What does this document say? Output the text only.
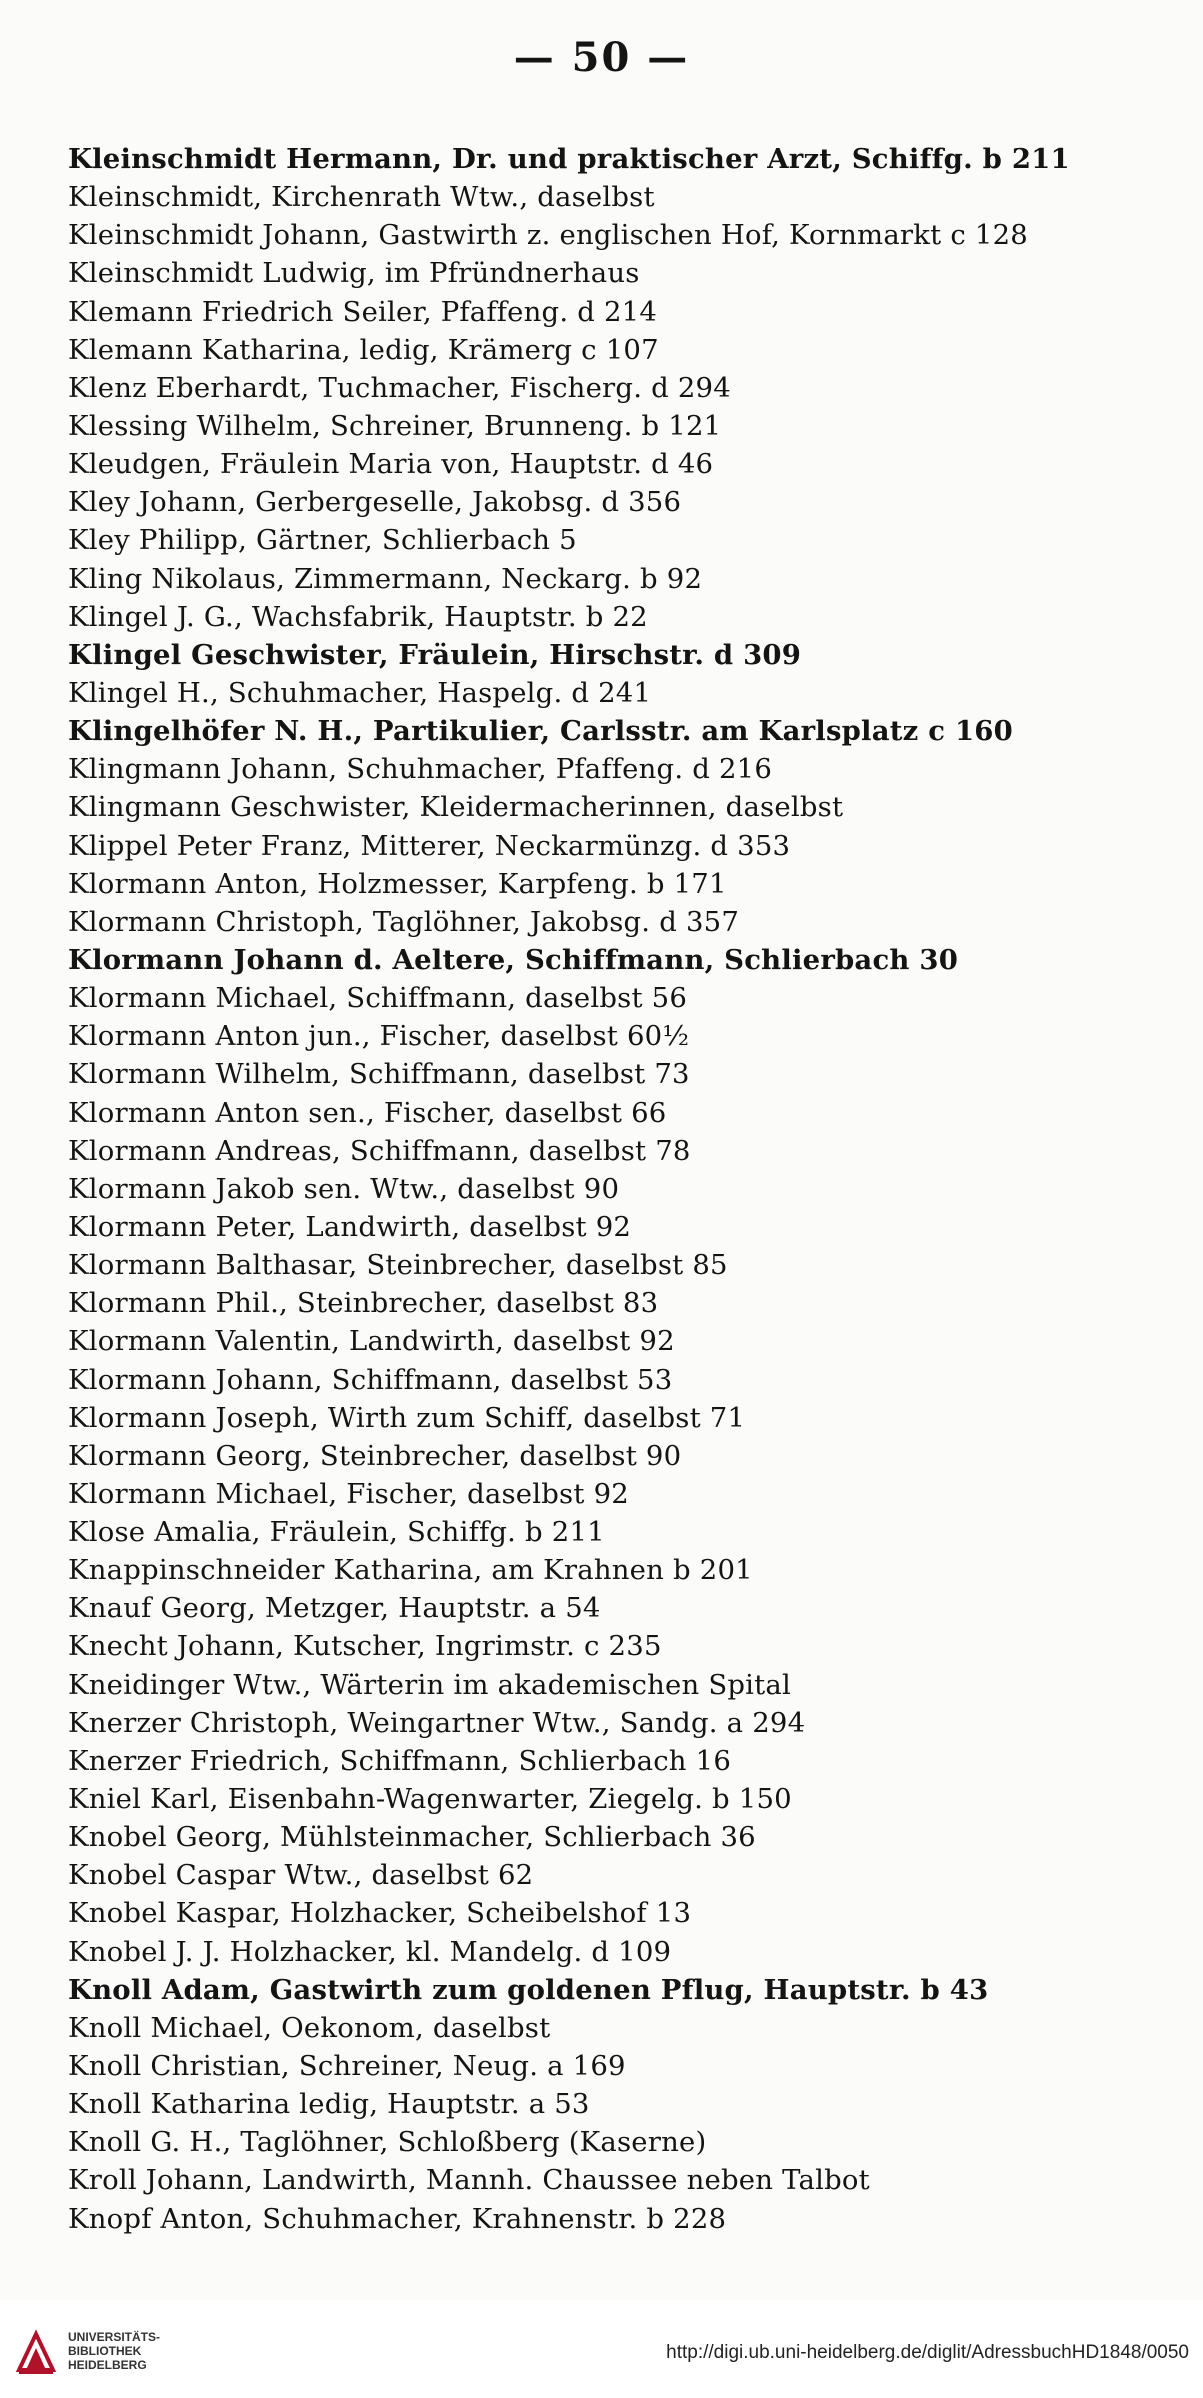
— 50 —
Kleinschmidt Hermann, Dr. und praktischer Arzt, Schiffg. b 211
Kleinschmidt, Kirchenrath Wtw., daselbst
Kleinschmidt Johann, Gastwirth z. englischen Hof, Kornmarkt c 128
Kleinschmidt Ludwig, im Pfründnerhaus
Klemann Friedrich Seiler, Pfaffeng. d 214
Klemann Katharina, ledig, Krämerg c 107
Klenz Eberhardt, Tuchmacher, Fischerg. d 294
Klessing Wilhelm, Schreiner, Brunneng. b 121
Kleudgen, Fräulein Maria von, Hauptstr. d 46
Kley Johann, Gerbergeselle, Jakobsg. d 356
Kley Philipp, Gärtner, Schlierbach 5
Kling Nikolaus, Zimmermann, Neckarg. b 92
Klingel J. G., Wachsfabrik, Hauptstr. b 22
Klingel Geschwister, Fräulein, Hirschstr. d 309
Klingel H., Schuhmacher, Haspelg. d 241
Klingelhöfer N. H., Partikulier, Carlsstr. am Karlsplatz c 160
Klingmann Johann, Schuhmacher, Pfaffeng. d 216
Klingmann Geschwister, Kleidermacherinnen, daselbst
Klippel Peter Franz, Mitterer, Neckarmünzg. d 353
Klormann Anton, Holzmesser, Karpfeng. b 171
Klormann Christoph, Taglöhner, Jakobsg. d 357
Klormann Johann d. Aeltere, Schiffmann, Schlierbach 30
Klormann Michael, Schiffmann, daselbst 56
Klormann Anton jun., Fischer, daselbst 60½
Klormann Wilhelm, Schiffmann, daselbst 73
Klormann Anton sen., Fischer, daselbst 66
Klormann Andreas, Schiffmann, daselbst 78
Klormann Jakob sen. Wtw., daselbst 90
Klormann Peter, Landwirth, daselbst 92
Klormann Balthasar, Steinbrecher, daselbst 85
Klormann Phil., Steinbrecher, daselbst 83
Klormann Valentin, Landwirth, daselbst 92
Klormann Johann, Schiffmann, daselbst 53
Klormann Joseph, Wirth zum Schiff, daselbst 71
Klormann Georg, Steinbrecher, daselbst 90
Klormann Michael, Fischer, daselbst 92
Klose Amalia, Fräulein, Schiffg. b 211
Knappinschneider Katharina, am Krahnen b 201
Knauf Georg, Metzger, Hauptstr. a 54
Knecht Johann, Kutscher, Ingrimstr. c 235
Kneidinger Wtw., Wärterin im akademischen Spital
Knerzer Christoph, Weingartner Wtw., Sandg. a 294
Knerzer Friedrich, Schiffmann, Schlierbach 16
Kniel Karl, Eisenbahn-Wagenwarter, Ziegelg. b 150
Knobel Georg, Mühlsteinmacher, Schlierbach 36
Knobel Caspar Wtw., daselbst 62
Knobel Kaspar, Holzhacker, Scheibelshof 13
Knobel J. J. Holzhacker, kl. Mandelg. d 109
Knoll Adam, Gastwirth zum goldenen Pflug, Hauptstr. b 43
Knoll Michael, Oekonom, daselbst
Knoll Christian, Schreiner, Neug. a 169
Knoll Katharina ledig, Hauptstr. a 53
Knoll G. H., Taglöhner, Schloßberg (Kaserne)
Kroll Johann, Landwirth, Mannh. Chaussee neben Talbot
Knopf Anton, Schuhmacher, Krahnenstr. b 228
UNIVERSITÄTS-
BIBLIOTHEK
HEIDELBERG
http://digi.ub.uni-heidelberg.de/diglit/AdressbuchHD1848/0050
